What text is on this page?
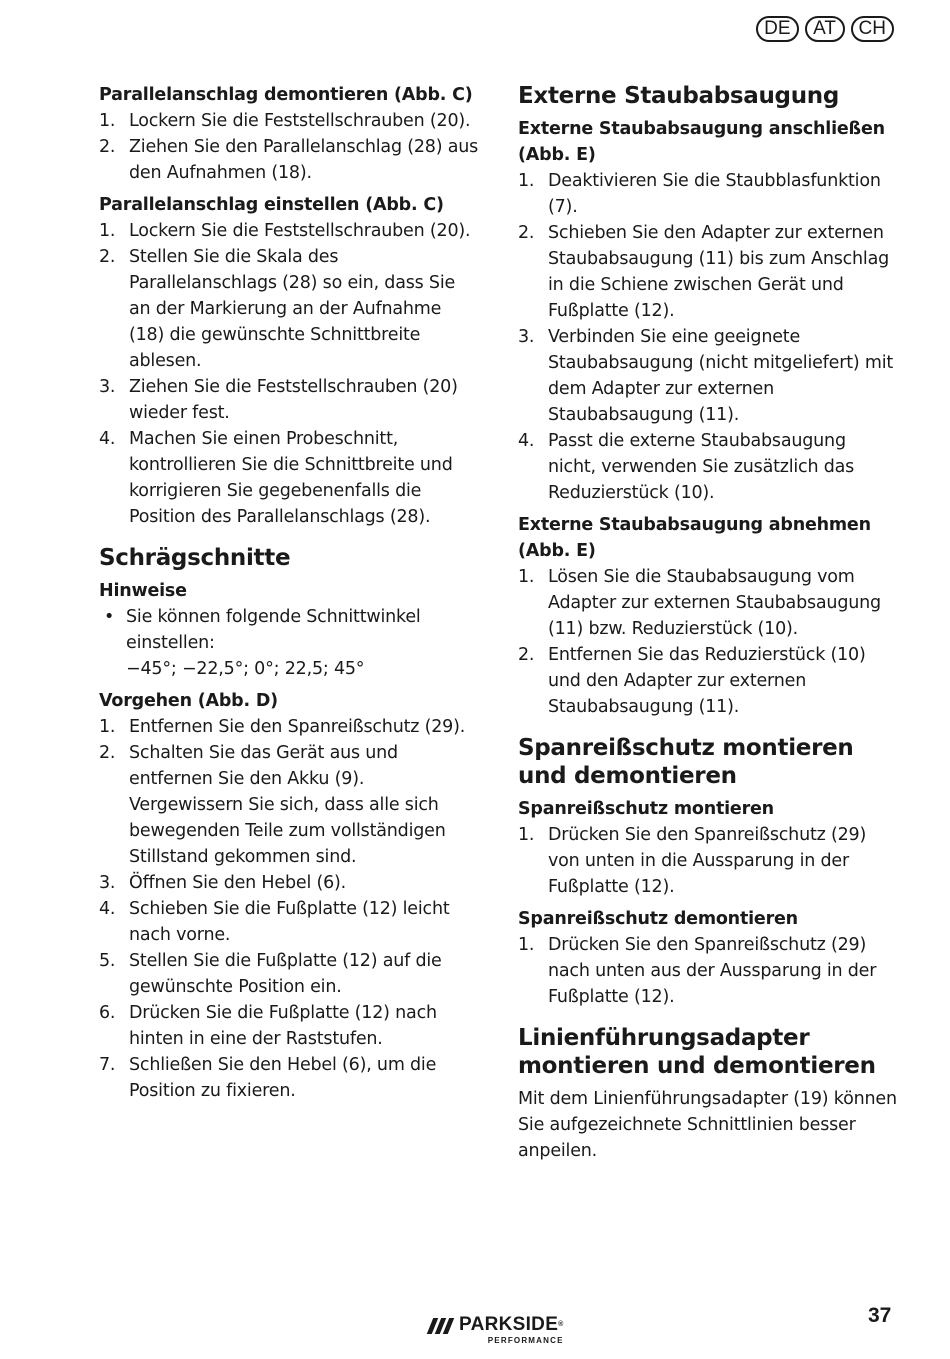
DE	AT	CH
Parallelanschlag demontieren (Abb. C)
1. Lockern Sie die Feststellschrauben (20).
2. Ziehen Sie den Parallelanschlag (28) aus den Aufnahmen (18).
Parallelanschlag einstellen (Abb. C)
1. Lockern Sie die Feststellschrauben (20).
2. Stellen Sie die Skala des Parallelanschlags (28) so ein, dass Sie an der Markierung an der Aufnahme (18) die gewünschte Schnittbreite ablesen.
3. Ziehen Sie die Feststellschrauben (20) wieder fest.
4. Machen Sie einen Probeschnitt, kontrollieren Sie die Schnittbreite und korrigieren Sie gegebenenfalls die Position des Parallelanschlags (28).
Schrägschnitte
Hinweise
• Sie können folgende Schnittwinkel einstellen:
−45°; −22,5°; 0°; 22,5; 45°
Vorgehen (Abb. D)
1. Entfernen Sie den Spanreißschutz (29).
2. Schalten Sie das Gerät aus und entfernen Sie den Akku (9). Vergewissern Sie sich, dass alle sich bewegenden Teile zum vollständigen Stillstand gekommen sind.
3. Öffnen Sie den Hebel (6).
4. Schieben Sie die Fußplatte (12) leicht nach vorne.
5. Stellen Sie die Fußplatte (12) auf die gewünschte Position ein.
6. Drücken Sie die Fußplatte (12) nach hinten in eine der Raststufen.
7. Schließen Sie den Hebel (6), um die Position zu fixieren.
Externe Staubabsaugung
Externe Staubabsaugung anschließen (Abb. E)
1. Deaktivieren Sie die Staubblasfunktion (7).
2. Schieben Sie den Adapter zur externen Staubabsaugung (11) bis zum Anschlag in die Schiene zwischen Gerät und Fußplatte (12).
3. Verbinden Sie eine geeignete Staubabsaugung (nicht mitgeliefert) mit dem Adapter zur externen Staubabsaugung (11).
4. Passt die externe Staubabsaugung nicht, verwenden Sie zusätzlich das Reduzierstück (10).
Externe Staubabsaugung abnehmen (Abb. E)
1. Lösen Sie die Staubabsaugung vom Adapter zur externen Staubabsaugung (11) bzw. Reduzierstück (10).
2. Entfernen Sie das Reduzierstück (10) und den Adapter zur externen Staubabsaugung (11).
Spanreißschutz montieren und demontieren
Spanreißschutz montieren
1. Drücken Sie den Spanreißschutz (29) von unten in die Aussparung in der Fußplatte (12).
Spanreißschutz demontieren
1. Drücken Sie den Spanreißschutz (29) nach unten aus der Aussparung in der Fußplatte (12).
Linienführungsadapter montieren und demontieren

Mit dem Linienführungsadapter (19) können Sie aufgezeichnete Schnittlinien besser anpeilen.

PARKSIDE®
PERFORMANCE
37
